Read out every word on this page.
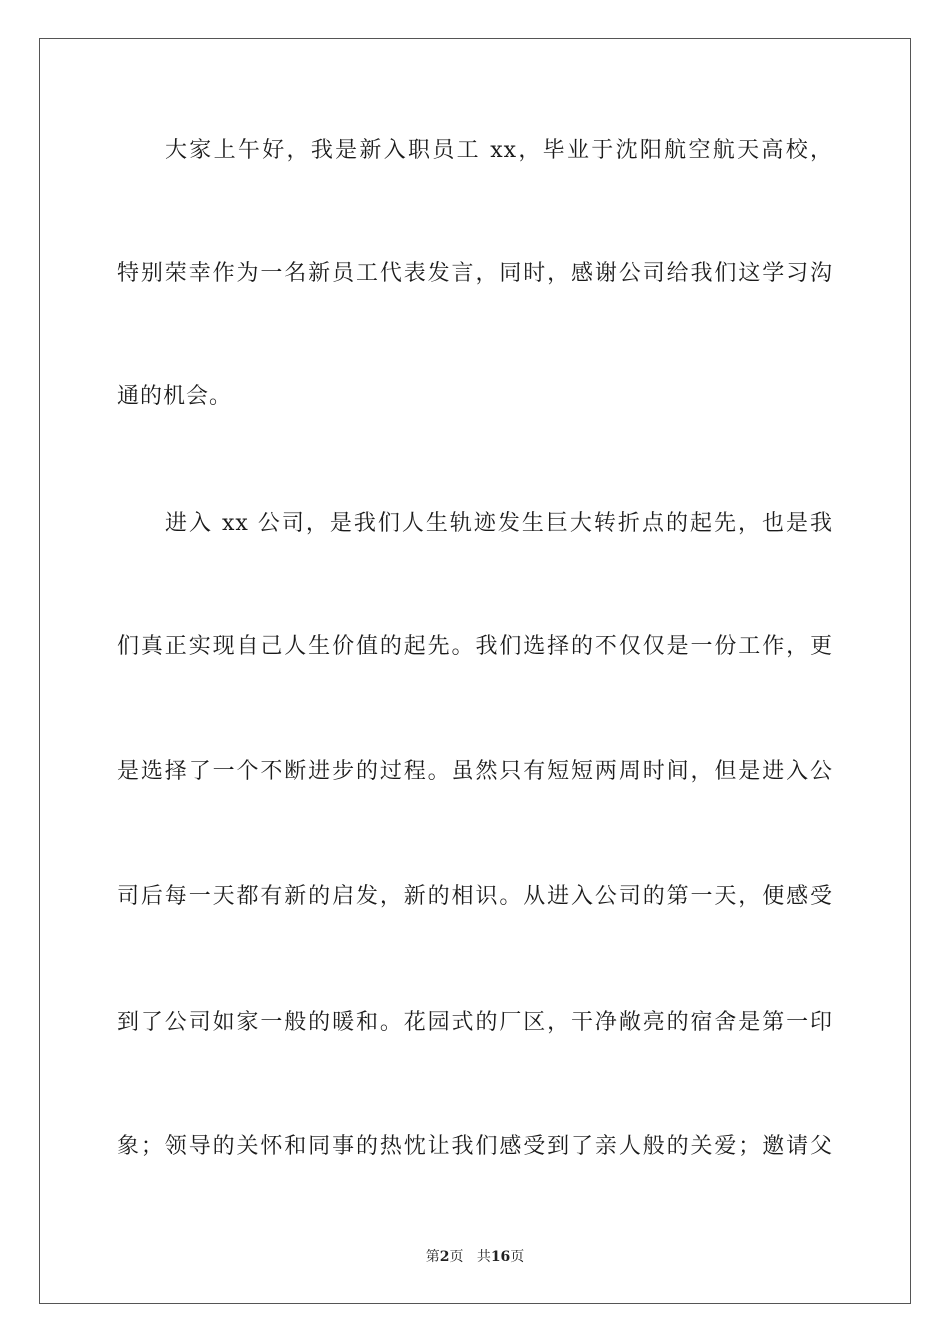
大家上午好，我是新入职员工 xx，毕业于沈阳航空航天高校，
特别荣幸作为一名新员工代表发言，同时，感谢公司给我们这学习沟
通的机会。
进入 xx 公司，是我们人生轨迹发生巨大转折点的起先，也是我
们真正实现自己人生价值的起先。我们选择的不仅仅是一份工作，更
是选择了一个不断进步的过程。虽然只有短短两周时间，但是进入公
司后每一天都有新的启发，新的相识。从进入公司的第一天，便感受
到了公司如家一般的暖和。花园式的厂区，干净敞亮的宿舍是第一印
象；领导的关怀和同事的热忱让我们感受到了亲人般的关爱；邀请父
第2页 共16页
